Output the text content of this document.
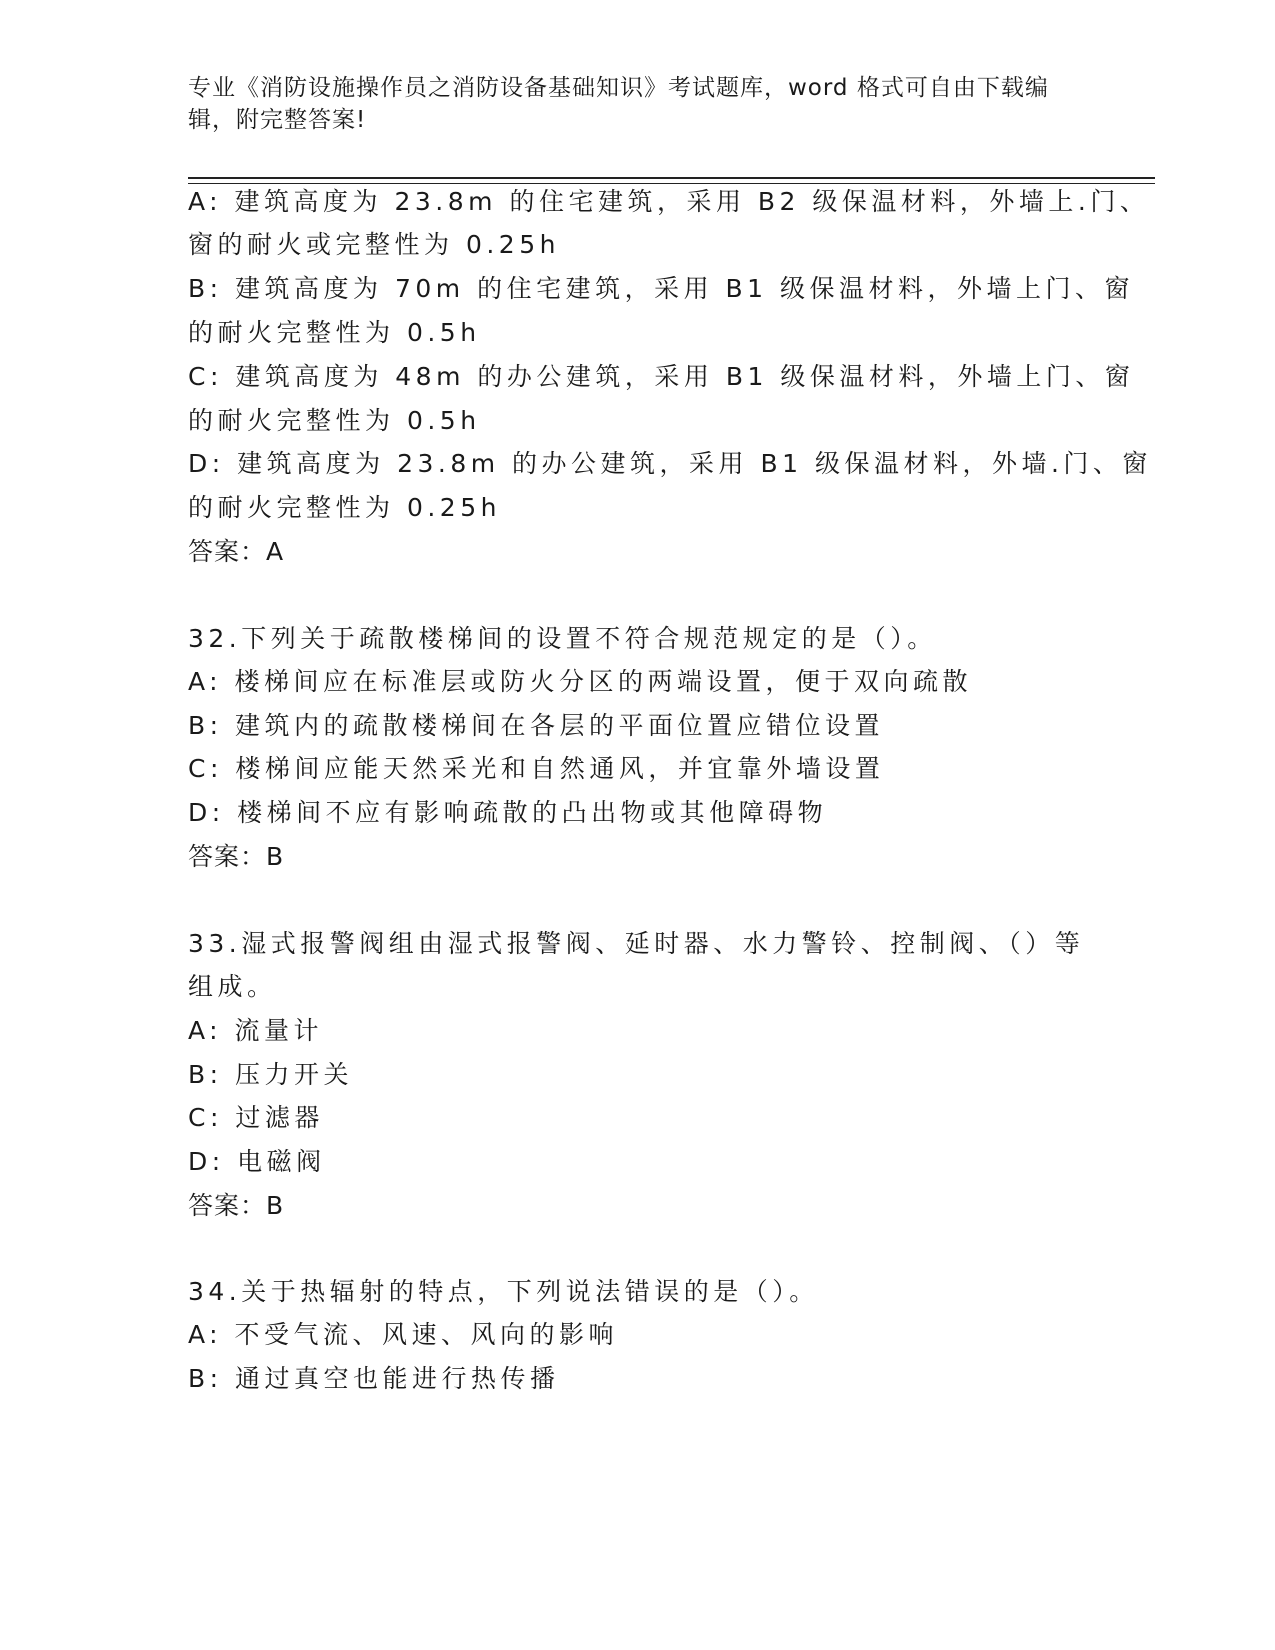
专业《消防设施操作员之消防设备基础知识》考试题库，word 格式可自由下载编辑，附完整答案!
A: 建筑高度为 23.8m 的住宅建筑，采用 B2 级保温材料，外墙上.门、
窗的耐火或完整性为 0.25h
B: 建筑高度为 70m 的住宅建筑，采用 B1 级保温材料，外墙上门、窗
的耐火完整性为 0.5h
C: 建筑高度为 48m 的办公建筑，采用 B1 级保温材料，外墙上门、窗
的耐火完整性为 0.5h
D: 建筑高度为 23.8m 的办公建筑，采用 B1 级保温材料，外墙.门、窗
的耐火完整性为 0.25h
答案：A
32.下列关于疏散楼梯间的设置不符合规范规定的是（）。
A: 楼梯间应在标准层或防火分区的两端设置，便于双向疏散
B: 建筑内的疏散楼梯间在各层的平面位置应错位设置
C: 楼梯间应能天然采光和自然通风，并宜靠外墙设置
D: 楼梯间不应有影响疏散的凸出物或其他障碍物
答案：B
33.湿式报警阀组由湿式报警阀、延时器、水力警铃、控制阀、（）等
组成。
A: 流量计
B: 压力开关
C: 过滤器
D: 电磁阀
答案：B
34.关于热辐射的特点，下列说法错误的是（）。
A: 不受气流、风速、风向的影响
B: 通过真空也能进行热传播
